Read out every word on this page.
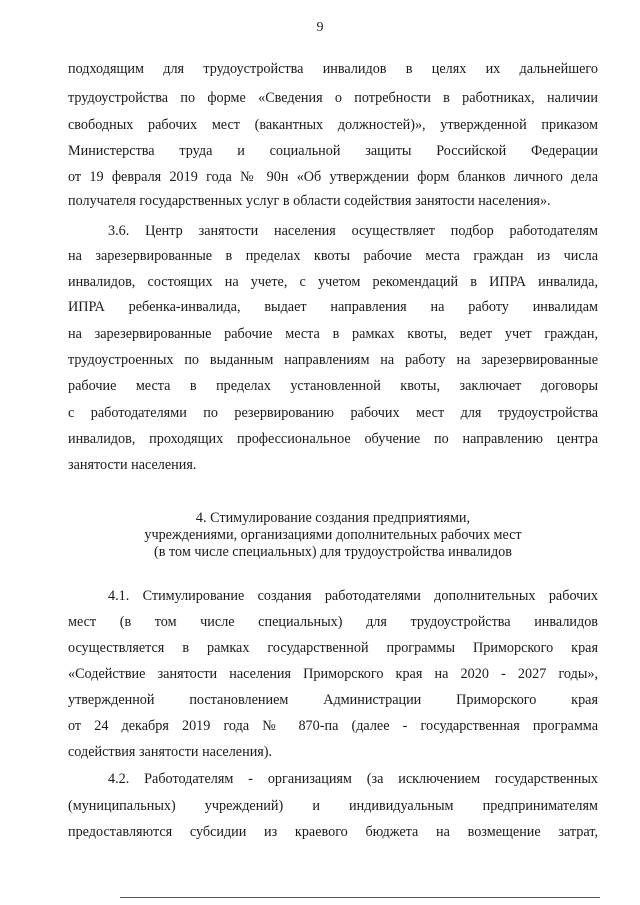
9
подходящим для трудоустройства инвалидов в целях их дальнейшего
трудоустройства по форме «Сведения о потребности в работниках, наличии
свободных рабочих мест (вакантных должностей)», утвержденной приказом
Министерства труда и социальной защиты Российской Федерации
от 19 февраля 2019 года № 90н «Об утверждении форм бланков личного дела
получателя государственных услуг в области содействия занятости населения».
3.6. Центр занятости населения осуществляет подбор работодателям
на зарезервированные в пределах квоты рабочие места граждан из числа
инвалидов, состоящих на учете, с учетом рекомендаций в ИПРА инвалида,
ИПРА ребенка-инвалида, выдает направления на работу инвалидам
на зарезервированные рабочие места в рамках квоты, ведет учет граждан,
трудоустроенных по выданным направлениям на работу на зарезервированные
рабочие места в пределах установленной квоты, заключает договоры
с работодателями по резервированию рабочих мест для трудоустройства
инвалидов, проходящих профессиональное обучение по направлению центра
занятости населения.
4. Стимулирование создания предприятиями,
учреждениями, организациями дополнительных рабочих мест
(в том числе специальных) для трудоустройства инвалидов
4.1. Стимулирование создания работодателями дополнительных рабочих
мест (в том числе специальных) для трудоустройства инвалидов
осуществляется в рамках государственной программы Приморского края
«Содействие занятости населения Приморского края на 2020 - 2027 годы»,
утвержденной постановлением Администрации Приморского края
от 24 декабря 2019 года № 870-па (далее - государственная программа
содействия занятости населения).
4.2. Работодателям - организациям (за исключением государственных
(муниципальных) учреждений) и индивидуальным предпринимателям
предоставляются субсидии из краевого бюджета на возмещение затрат,
